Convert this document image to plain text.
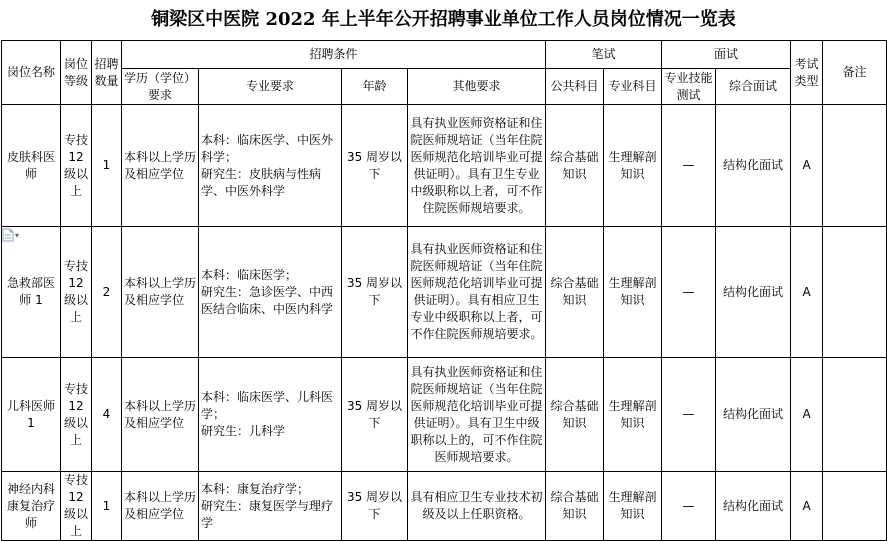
铜梁区中医院 2022 年上半年公开招聘事业单位工作人员岗位情况一览表
岗位名称	岗位等级	招聘数量	招聘条件				笔试		面试		考试类型	备注
			学历（学位）要求	专业要求	年龄	其他要求	公共科目	专业科目	专业技能测试	综合面试		
皮肤科医师	专技12级以上	1	本科以上学历及相应学位	本科：临床医学、中医外科学；
研究生：皮肤病与性病学、中医外科学	35 周岁以下	具有执业医师资格证和住院医师规培证（当年住院医师规范化培训毕业可提供证明）。具有卫生专业中级职称以上者，可不作住院医师规培要求。	综合基础知识	生理解剖知识	—	结构化面试	A	
急救部医师 1	专技12级以上	2	本科以上学历及相应学位	本科：临床医学；
研究生：急诊医学、中西医结合临床、中医内科学	35 周岁以下	具有执业医师资格证和住院医师规培证（当年住院医师规范化培训毕业可提供证明）。具有相应卫生专业中级职称以上者，可不作住院医师规培要求。	综合基础知识	生理解剖知识	—	结构化面试	A	
儿科医师 1	专技12级以上	4	本科以上学历及相应学位	本科：临床医学、儿科医学；
研究生：儿科学	35 周岁以下	具有执业医师资格证和住院医师规培证（当年住院医师规范化培训毕业可提供证明）。具有卫生中级职称以上的，可不作住院医师规培要求。	综合基础知识	生理解剖知识	—	结构化面试	A	
神经内科康复治疗师	专技12级以上	1	本科以上学历及相应学位	本科：康复治疗学；
研究生：康复医学与理疗学	35 周岁以下	具有相应卫生专业技术初级及以上任职资格。	综合基础知识	生理解剖知识	—	结构化面试	A	
▾
